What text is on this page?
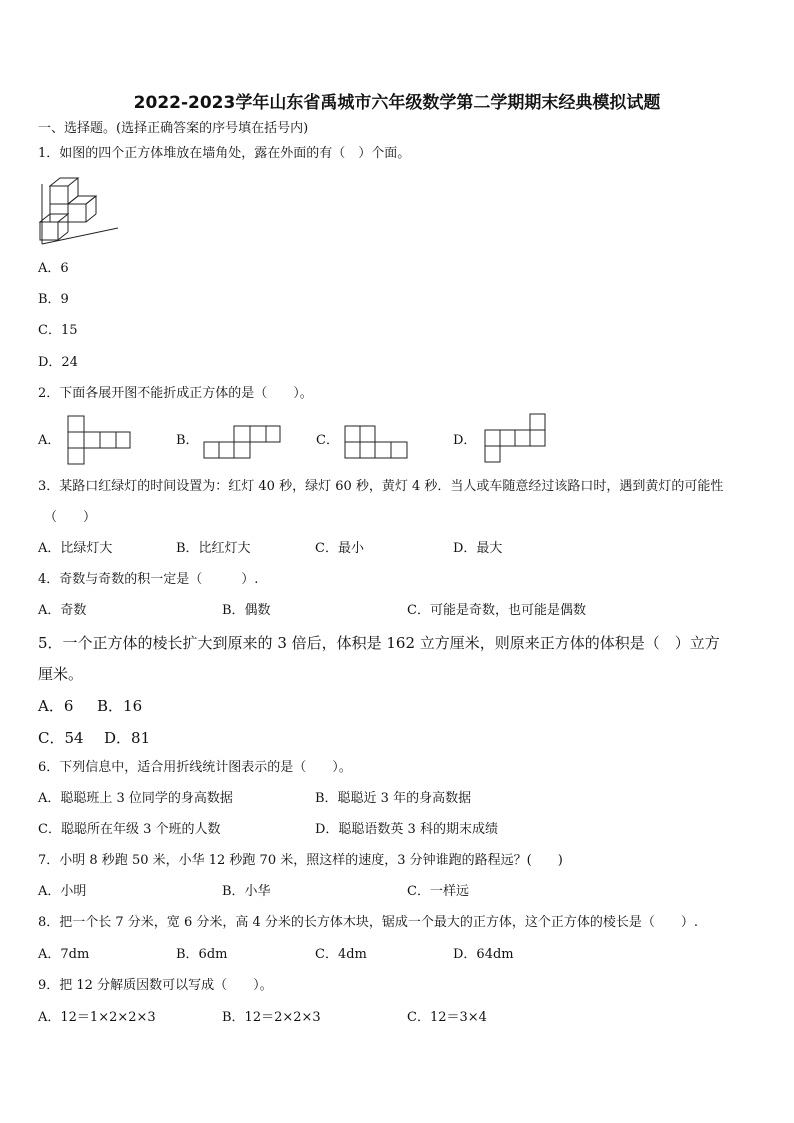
2022-2023学年山东省禹城市六年级数学第二学期期末经典模拟试题
一、选择题。(选择正确答案的序号填在括号内)
1．如图的四个正方体堆放在墙角处，露在外面的有（　）个面。
A．6
B．9
C．15
D．24
2．下面各展开图不能折成正方体的是（　　）。
A．	B．	C．	D．
3．某路口红绿灯的时间设置为：红灯 40 秒，绿灯 60 秒，黄灯 4 秒．当人或车随意经过该路口时，遇到黄灯的可能性
（　　）
A．比绿灯大	B．比红灯大	C．最小	D．最大
4．奇数与奇数的积一定是（　　　）.
A．奇数	B．偶数	C．可能是奇数，也可能是偶数
5．一个正方体的棱长扩大到原来的 3 倍后，体积是 162 立方厘米，则原来正方体的体积是（　）立方
厘米。
A．6 B．16
C．54 D．81
6．下列信息中，适合用折线统计图表示的是（　　）。
A．聪聪班上 3 位同学的身高数据	B．聪聪近 3 年的身高数据
C．聪聪所在年级 3 个班的人数	D．聪聪语数英 3 科的期末成绩
7．小明 8 秒跑 50 米，小华 12 秒跑 70 米，照这样的速度，3 分钟谁跑的路程远？(　　)
A．小明	B．小华	C．一样远
8．把一个长 7 分米，宽 6 分米，高 4 分米的长方体木块，锯成一个最大的正方体，这个正方体的棱长是（　　）.
A．7dm	B．6dm	C．4dm	D．64dm
9．把 12 分解质因数可以写成（　　）。
A．12＝1×2×2×3	B．12＝2×2×3	C．12＝3×4
